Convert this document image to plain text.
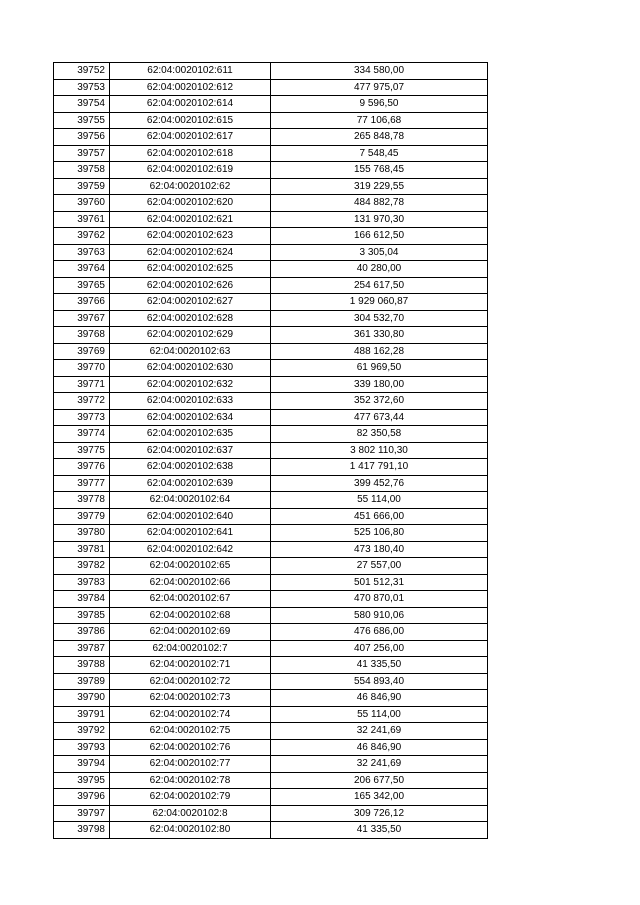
39752	62:04:0020102:611	334 580,00
39753	62:04:0020102:612	477 975,07
39754	62:04:0020102:614	9 596,50
39755	62:04:0020102:615	77 106,68
39756	62:04:0020102:617	265 848,78
39757	62:04:0020102:618	7 548,45
39758	62:04:0020102:619	155 768,45
39759	62:04:0020102:62	319 229,55
39760	62:04:0020102:620	484 882,78
39761	62:04:0020102:621	131 970,30
39762	62:04:0020102:623	166 612,50
39763	62:04:0020102:624	3 305,04
39764	62:04:0020102:625	40 280,00
39765	62:04:0020102:626	254 617,50
39766	62:04:0020102:627	1 929 060,87
39767	62:04:0020102:628	304 532,70
39768	62:04:0020102:629	361 330,80
39769	62:04:0020102:63	488 162,28
39770	62:04:0020102:630	61 969,50
39771	62:04:0020102:632	339 180,00
39772	62:04:0020102:633	352 372,60
39773	62:04:0020102:634	477 673,44
39774	62:04:0020102:635	82 350,58
39775	62:04:0020102:637	3 802 110,30
39776	62:04:0020102:638	1 417 791,10
39777	62:04:0020102:639	399 452,76
39778	62:04:0020102:64	55 114,00
39779	62:04:0020102:640	451 666,00
39780	62:04:0020102:641	525 106,80
39781	62:04:0020102:642	473 180,40
39782	62:04:0020102:65	27 557,00
39783	62:04:0020102:66	501 512,31
39784	62:04:0020102:67	470 870,01
39785	62:04:0020102:68	580 910,06
39786	62:04:0020102:69	476 686,00
39787	62:04:0020102:7	407 256,00
39788	62:04:0020102:71	41 335,50
39789	62:04:0020102:72	554 893,40
39790	62:04:0020102:73	46 846,90
39791	62:04:0020102:74	55 114,00
39792	62:04:0020102:75	32 241,69
39793	62:04:0020102:76	46 846,90
39794	62:04:0020102:77	32 241,69
39795	62:04:0020102:78	206 677,50
39796	62:04:0020102:79	165 342,00
39797	62:04:0020102:8	309 726,12
39798	62:04:0020102:80	41 335,50
